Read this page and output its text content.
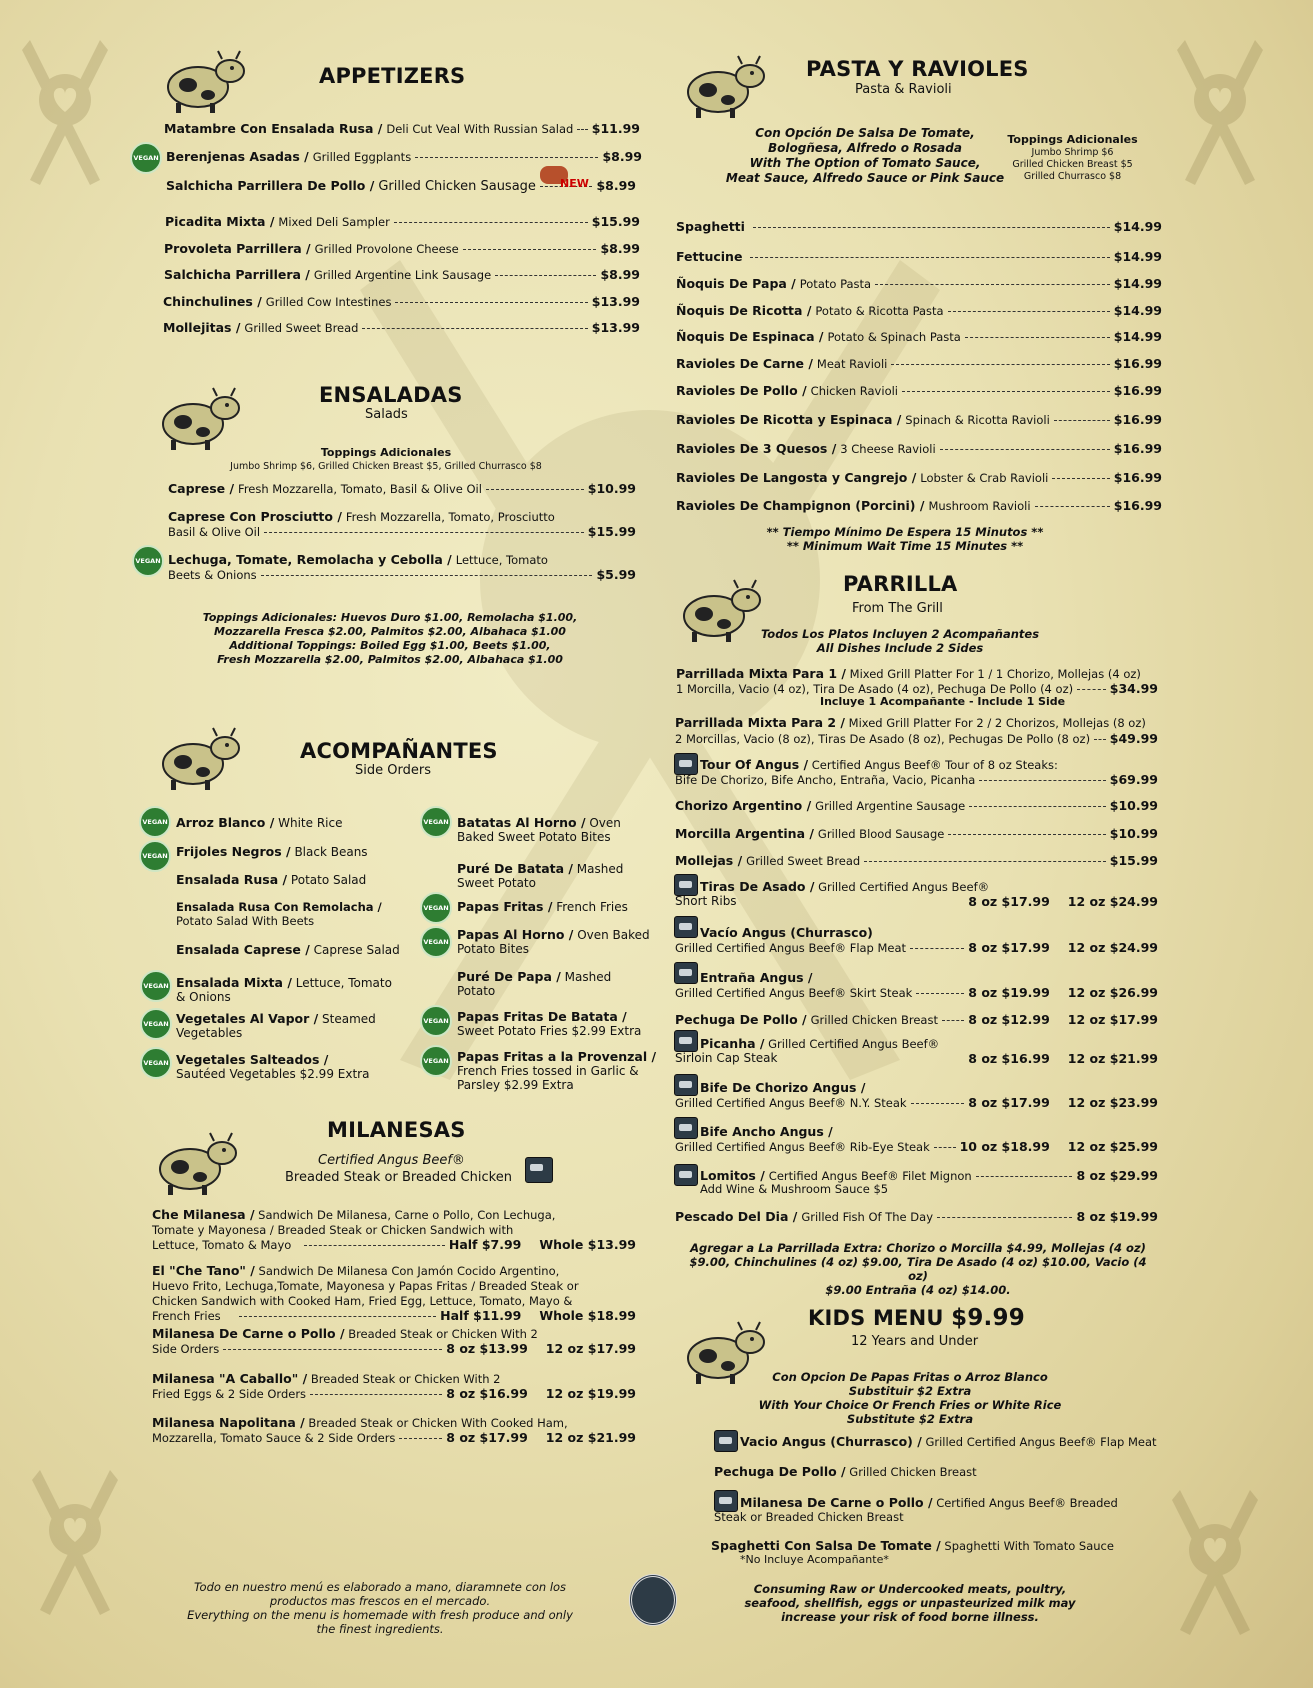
APPETIZERS
Matambre Con Ensalada Rusa / Deli Cut Veal With Russian Salad $11.99
VEGAN Berenjenas Asadas / Grilled Eggplants	$8.99
Salchicha Parrillera De Pollo / Grilled Chicken Sausage	$8.99
NEW
Picadita Mixta / Mixed Deli Sampler	$15.99
Provoleta Parrillera / Grilled Provolone Cheese	$8.99
Salchicha Parrillera / Grilled Argentine Link Sausage	$8.99
Chinchulines / Grilled Cow Intestines	$13.99
Mollejitas / Grilled Sweet Bread	$13.99
ENSALADAS
Salads
Toppings Adicionales
Jumbo Shrimp $6, Grilled Chicken Breast $5, Grilled Churrasco $8
Caprese / Fresh Mozzarella, Tomato, Basil & Olive Oil	$10.99
Caprese Con Prosciutto / Fresh Mozzarella, Tomato, Prosciutto
Basil & Olive Oil	$15.99
VEGAN Lechuga, Tomate, Remolacha y Cebolla / Lettuce, Tomato
Beets & Onions	$5.99
Toppings Adicionales: Huevos Duro $1.00, Remolacha $1.00,
Mozzarella Fresca $2.00, Palmitos $2.00, Albahaca $1.00
Additional Toppings: Boiled Egg $1.00, Beets $1.00,
Fresh Mozzarella $2.00, Palmitos $2.00, Albahaca $1.00
ACOMPAÑANTES
Side Orders
VEGAN Arroz Blanco / White Rice
VEGAN Frijoles Negros / Black Beans
Ensalada Rusa / Potato Salad
Ensalada Rusa Con Remolacha /
Potato Salad With Beets
Ensalada Caprese / Caprese Salad
VEGAN Ensalada Mixta / Lettuce, Tomato
& Onions
VEGAN Vegetales Al Vapor / Steamed
Vegetables
VEGAN Vegetales Salteados /
Sautéed Vegetables $2.99 Extra
VEGAN Batatas Al Horno / Oven
Baked Sweet Potato Bites
Puré De Batata / Mashed
Sweet Potato
VEGAN Papas Fritas / French Fries
VEGAN Papas Al Horno / Oven Baked
Potato Bites
Puré De Papa / Mashed
Potato
VEGAN Papas Fritas De Batata /
Sweet Potato Fries $2.99 Extra
VEGAN Papas Fritas a la Provenzal /
French Fries tossed in Garlic &
Parsley $2.99 Extra
MILANESAS
Certified Angus Beef®
Breaded Steak or Breaded Chicken
Che Milanesa / Sandwich De Milanesa, Carne o Pollo, Con Lechuga,
Tomate y Mayonesa / Breaded Steak or Chicken Sandwich with
Lettuce, Tomato & Mayo	Half $7.99 Whole $13.99
El "Che Tano" / Sandwich De Milanesa Con Jamón Cocido Argentino,
Huevo Frito, Lechuga,Tomate, Mayonesa y Papas Fritas / Breaded Steak or
Chicken Sandwich with Cooked Ham, Fried Egg, Lettuce, Tomato, Mayo &
French Fries	Half $11.99 Whole $18.99
Milanesa De Carne o Pollo / Breaded Steak or Chicken With 2
Side Orders	8 oz $13.99 12 oz $17.99
Milanesa "A Caballo" / Breaded Steak or Chicken With 2
Fried Eggs & 2 Side Orders	8 oz $16.99 12 oz $19.99
Milanesa Napolitana / Breaded Steak or Chicken With Cooked Ham,
Mozzarella, Tomato Sauce & 2 Side Orders	8 oz $17.99 12 oz $21.99
Todo en nuestro menú es elaborado a mano, diaramnete con los
productos mas frescos en el mercado.
Everything on the menu is homemade with fresh produce and only
the finest ingredients.
PASTA Y RAVIOLES
Pasta & Ravioli
Con Opción De Salsa De Tomate,
Bologñesa, Alfredo o Rosada
With The Option of Tomato Sauce,
Meat Sauce, Alfredo Sauce or Pink Sauce
Toppings Adicionales
Jumbo Shrimp $6
Grilled Chicken Breast $5
Grilled Churrasco $8
Spaghetti	$14.99
Fettucine	$14.99
Ñoquis De Papa / Potato Pasta	$14.99
Ñoquis De Ricotta / Potato & Ricotta Pasta	$14.99
Ñoquis De Espinaca / Potato & Spinach Pasta	$14.99
Ravioles De Carne / Meat Ravioli	$16.99
Ravioles De Pollo / Chicken Ravioli	$16.99
Ravioles De Ricotta y Espinaca / Spinach & Ricotta Ravioli	$16.99
Ravioles De 3 Quesos / 3 Cheese Ravioli	$16.99
Ravioles De Langosta y Cangrejo / Lobster & Crab Ravioli	$16.99
Ravioles De Champignon (Porcini) / Mushroom Ravioli	$16.99
** Tiempo Mínimo De Espera 15 Minutos **
** Minimum Wait Time 15 Minutes **
PARRILLA
From The Grill
Todos Los Platos Incluyen 2 Acompañantes
All Dishes Include 2 Sides
Parrillada Mixta Para 1 / Mixed Grill Platter For 1 / 1 Chorizo, Mollejas (4 oz)
1 Morcilla, Vacio (4 oz), Tira De Asado (4 oz), Pechuga De Pollo (4 oz)	$34.99
Incluye 1 Acompañante - Include 1 Side
Parrillada Mixta Para 2 / Mixed Grill Platter For 2 / 2 Chorizos, Mollejas (8 oz)
2 Morcillas, Vacio (8 oz), Tiras De Asado (8 oz), Pechugas De Pollo (8 oz) $49.99
Tour Of Angus / Certified Angus Beef® Tour of 8 oz Steaks:
Bife De Chorizo, Bife Ancho, Entraña, Vacio, Picanha	$69.99
Chorizo Argentino / Grilled Argentine Sausage	$10.99
Morcilla Argentina / Grilled Blood Sausage	$10.99
Mollejas / Grilled Sweet Bread	$15.99
Tiras De Asado / Grilled Certified Angus Beef®
Short Ribs	8 oz $17.99 12 oz $24.99
Vacío Angus (Churrasco)
Grilled Certified Angus Beef® Flap Meat	8 oz $17.99 12 oz $24.99
Entraña Angus /
Grilled Certified Angus Beef® Skirt Steak	8 oz $19.99 12 oz $26.99
Pechuga De Pollo / Grilled Chicken Breast 8 oz $12.99 12 oz $17.99
Picanha / Grilled Certified Angus Beef®
Sirloin Cap Steak	8 oz $16.99 12 oz $21.99
Bife De Chorizo Angus /
Grilled Certified Angus Beef® N.Y. Steak	8 oz $17.99 12 oz $23.99
Bife Ancho Angus /
Grilled Certified Angus Beef® Rib-Eye Steak 10 oz $18.99 12 oz $25.99
Lomitos / Certified Angus Beef® Filet Mignon	8 oz $29.99
Add Wine & Mushroom Sauce $5
Pescado Del Dia / Grilled Fish Of The Day	8 oz $19.99
Agregar a La Parrillada Extra: Chorizo o Morcilla $4.99, Mollejas (4 oz)
$9.00, Chinchulines (4 oz) $9.00, Tira De Asado (4 oz) $10.00, Vacio (4 oz)
$9.00 Entraña (4 oz) $14.00.
KIDS MENU $9.99
12 Years and Under
Con Opcion De Papas Fritas o Arroz Blanco
Substituir $2 Extra
With Your Choice Or French Fries or White Rice
Substitute $2 Extra
Vacio Angus (Churrasco) / Grilled Certified Angus Beef® Flap Meat
Pechuga De Pollo / Grilled Chicken Breast
Milanesa De Carne o Pollo / Certified Angus Beef® Breaded
Steak or Breaded Chicken Breast
Spaghetti Con Salsa De Tomate / Spaghetti With Tomato Sauce
*No Incluye Acompañante*
Consuming Raw or Undercooked meats, poultry,
seafood, shellfish, eggs or unpasteurized milk may
increase your risk of food borne illness.
